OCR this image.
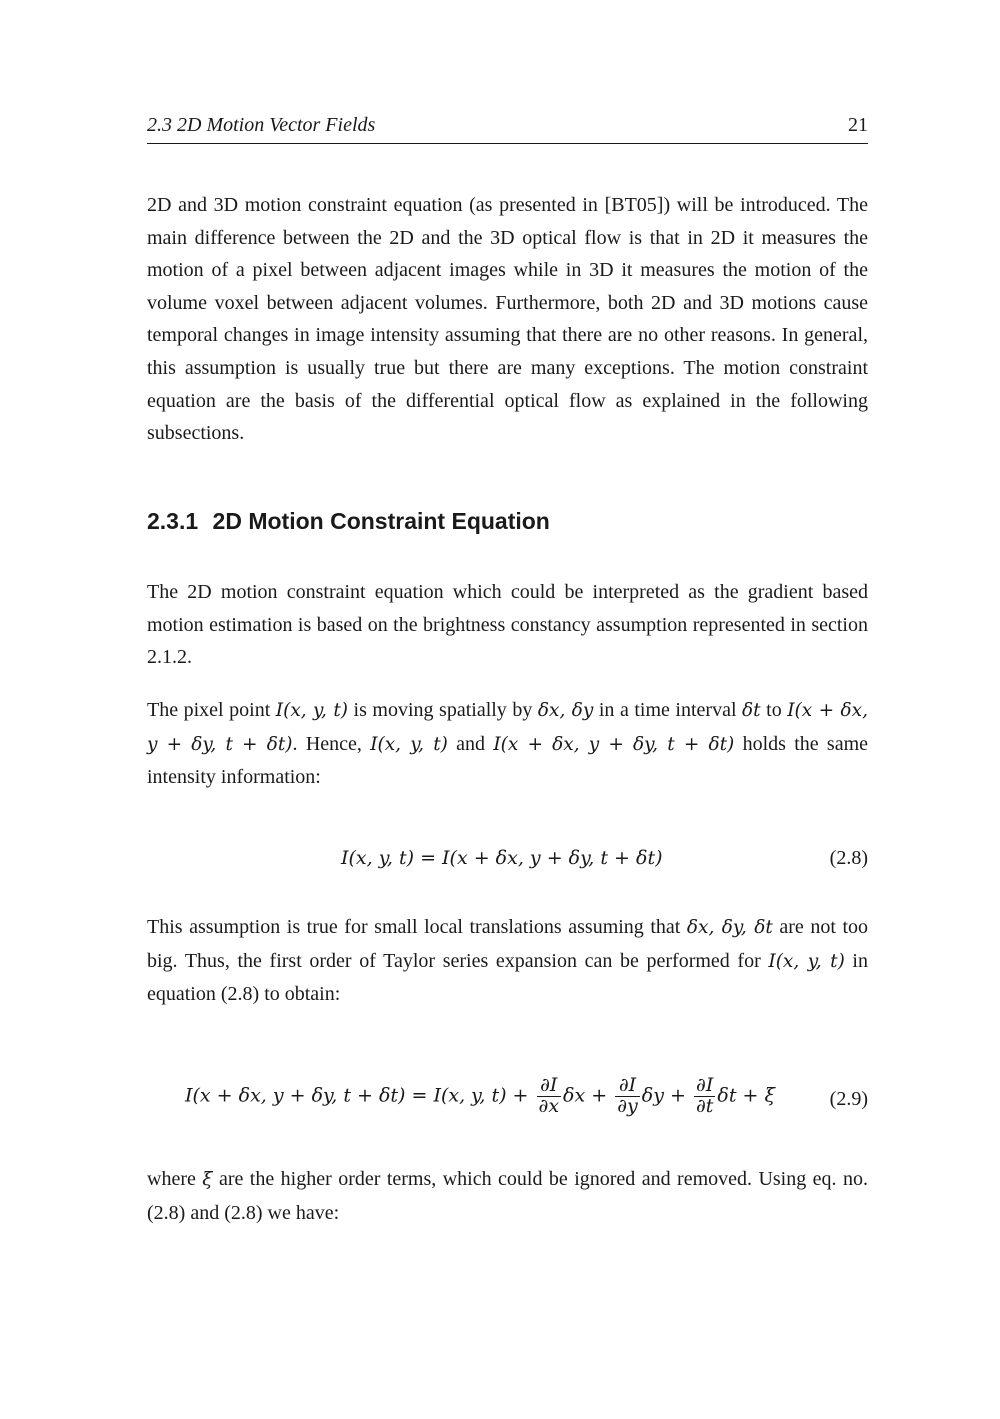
2.3 2D Motion Vector Fields	21

2D and 3D motion constraint equation (as presented in [BT05]) will be introduced. The main difference between the 2D and the 3D optical flow is that in 2D it measures the motion of a pixel between adjacent images while in 3D it measures the motion of the volume voxel between adjacent volumes. Furthermore, both 2D and 3D motions cause temporal changes in image intensity assuming that there are no other reasons. In general, this assumption is usually true but there are many exceptions. The motion constraint equation are the basis of the differential optical flow as explained in the following subsections.

2.3.1 2D Motion Constraint Equation

The 2D motion constraint equation which could be interpreted as the gradient based motion estimation is based on the brightness constancy assumption represented in section 2.1.2.

The pixel point I(x, y, t) is moving spatially by δx, δy in a time interval δt to I(x + δx, y + δy, t + δt). Hence, I(x, y, t) and I(x + δx, y + δy, t + δt) holds the same intensity information:

I(x, y, t) = I(x + δx, y + δy, t + δt)	(2.8)

This assumption is true for small local translations assuming that δx, δy, δt are not too big. Thus, the first order of Taylor series expansion can be performed for I(x, y, t) in equation (2.8) to obtain:

I(x + δx, y + δy, t + δt) = I(x, y, $t) + \frac{\partial I}{\partial x}$ $\delta x + \frac{\partial I}{\partial y}$ $\delta y + \frac{\partial I}{\partial t}$ δt + ξ	(2.9)

where ξ are the higher order terms, which could be ignored and removed. Using eq. no. (2.8) and (2.8) we have:
